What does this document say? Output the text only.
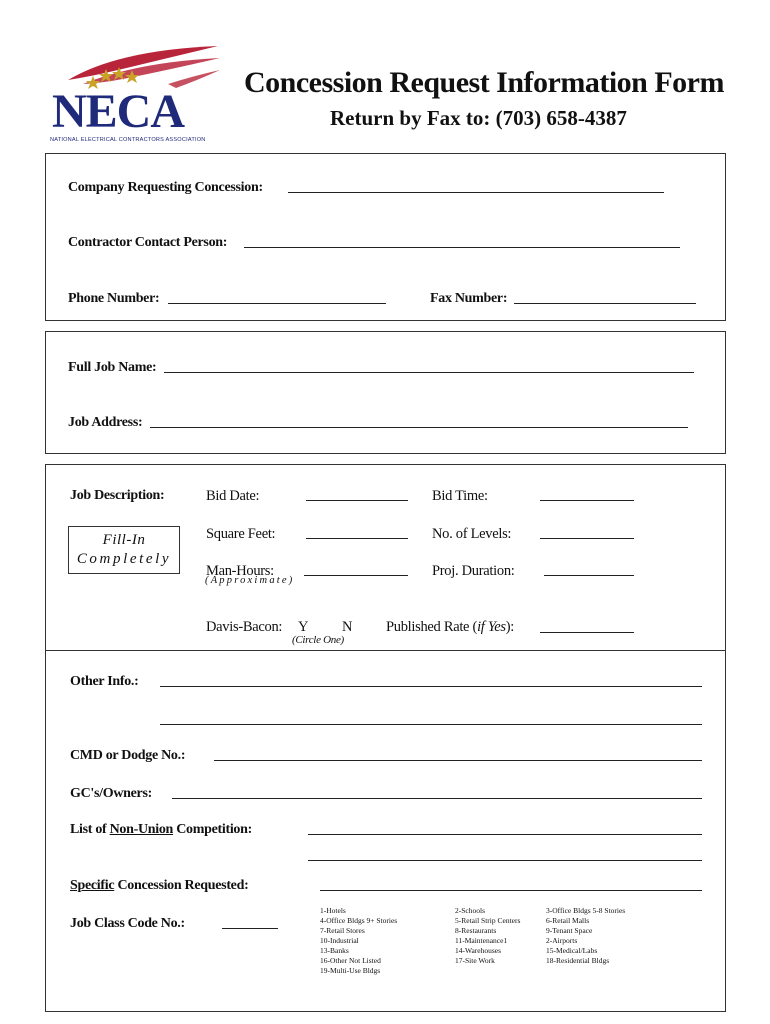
NECA
NATIONAL ELECTRICAL CONTRACTORS ASSOCIATION
Concession Request Information Form
Return by Fax to: (703) 658-4387
Company Requesting Concession:
Contractor Contact Person:
Phone Number:	Fax Number:
Full Job Name:
Job Address:
Job Description:
Fill-In
Completely
Bid Date:	Bid Time:
Square Feet:	No. of Levels:
Man-Hours:
(Approximate)
Proj. Duration:
Davis-Bacon: Y N
(Circle One)
Published Rate (if Yes):
Other Info.:
CMD or Dodge No.:
GC's/Owners:
List of Non-Union Competition:
Specific Concession Requested:
Job Class Code No.:
1-Hotels
4-Office Bldgs 9+ Stories
7-Retail Stores
10-Industrial
13-Banks
16-Other Not Listed
19-Multi-Use Bldgs
2-Schools
5-Retail Strip Centers
8-Restaurants
11-Maintenance1
14-Warehouses
17-Site Work
3-Office Bldgs 5-8 Stories
6-Retail Malls
9-Tenant Space
2-Airports
15-Medical/Labs
18-Residential Bldgs
